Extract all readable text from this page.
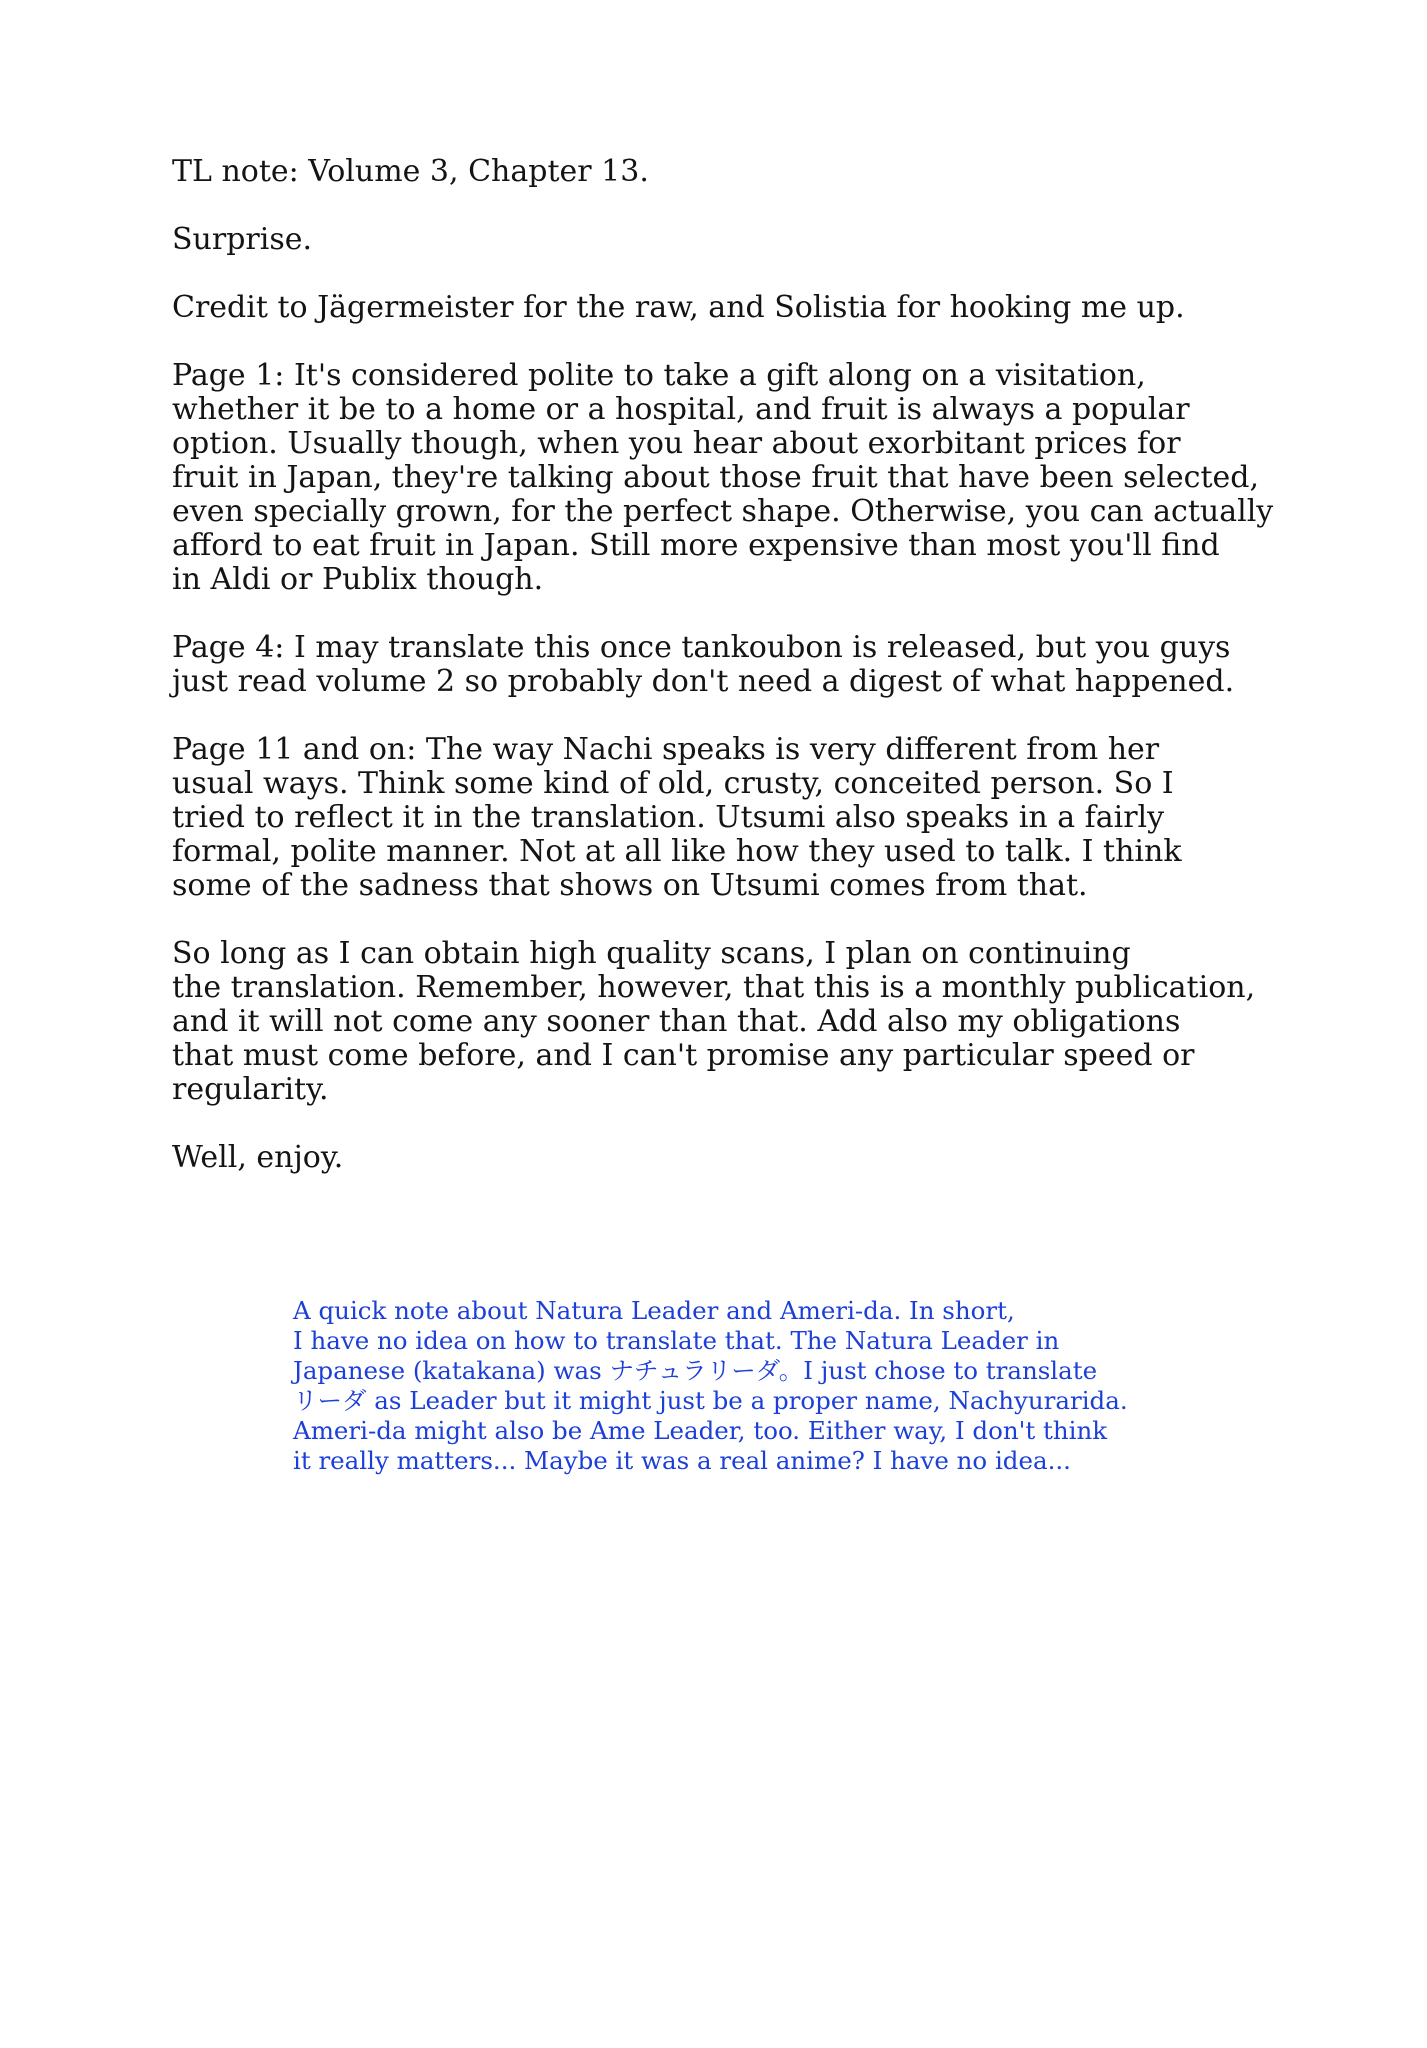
TL note: Volume 3, Chapter 13.

Surprise.

Credit to Jägermeister for the raw, and Solistia for hooking me up.

Page 1: It's considered polite to take a gift along on a visitation,
whether it be to a home or a hospital, and fruit is always a popular
option. Usually though, when you hear about exorbitant prices for
fruit in Japan, they're talking about those fruit that have been selected,
even specially grown, for the perfect shape. Otherwise, you can actually
afford to eat fruit in Japan. Still more expensive than most you'll find
in Aldi or Publix though.

Page 4: I may translate this once tankoubon is released, but you guys
just read volume 2 so probably don't need a digest of what happened.

Page 11 and on: The way Nachi speaks is very different from her
usual ways. Think some kind of old, crusty, conceited person. So I
tried to reflect it in the translation. Utsumi also speaks in a fairly
formal, polite manner. Not at all like how they used to talk. I think
some of the sadness that shows on Utsumi comes from that.

So long as I can obtain high quality scans, I plan on continuing
the translation. Remember, however, that this is a monthly publication,
and it will not come any sooner than that. Add also my obligations
that must come before, and I can't promise any particular speed or
regularity.

Well, enjoy.

A quick note about Natura Leader and Ameri-da. In short,
I have no idea on how to translate that. The Natura Leader in
Japanese (katakana) was ナチュラリーダ。I just chose to translate
リーダ as Leader but it might just be a proper name, Nachyurarida.
Ameri-da might also be Ame Leader, too. Either way, I don't think
it really matters... Maybe it was a real anime? I have no idea...
